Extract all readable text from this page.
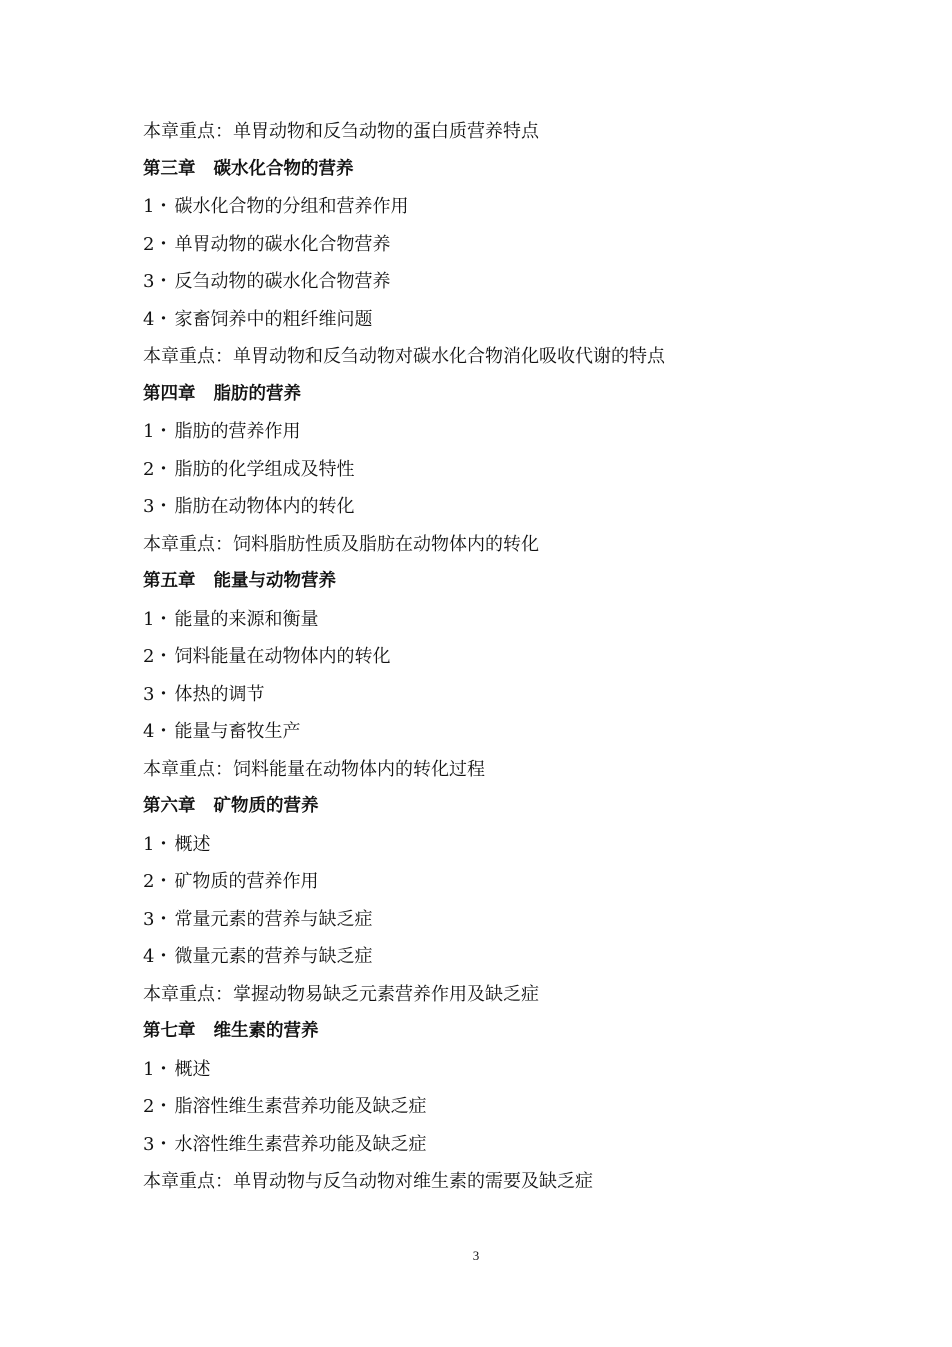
本章重点：单胃动物和反刍动物的蛋白质营养特点
第三章 碳水化合物的营养
1・ 碳水化合物的分组和营养作用
2・ 单胃动物的碳水化合物营养
3・ 反刍动物的碳水化合物营养
4・ 家畜饲养中的粗纤维问题
本章重点：单胃动物和反刍动物对碳水化合物消化吸收代谢的特点
第四章 脂肪的营养
1・ 脂肪的营养作用
2・ 脂肪的化学组成及特性
3・ 脂肪在动物体内的转化
本章重点：饲料脂肪性质及脂肪在动物体内的转化
第五章 能量与动物营养
1・ 能量的来源和衡量
2・ 饲料能量在动物体内的转化
3・ 体热的调节
4・ 能量与畜牧生产
本章重点：饲料能量在动物体内的转化过程
第六章 矿物质的营养
1・ 概述
2・ 矿物质的营养作用
3・ 常量元素的营养与缺乏症
4・ 微量元素的营养与缺乏症
本章重点：掌握动物易缺乏元素营养作用及缺乏症
第七章 维生素的营养
1・ 概述
2・ 脂溶性维生素营养功能及缺乏症
3・ 水溶性维生素营养功能及缺乏症
本章重点：单胃动物与反刍动物对维生素的需要及缺乏症
3
